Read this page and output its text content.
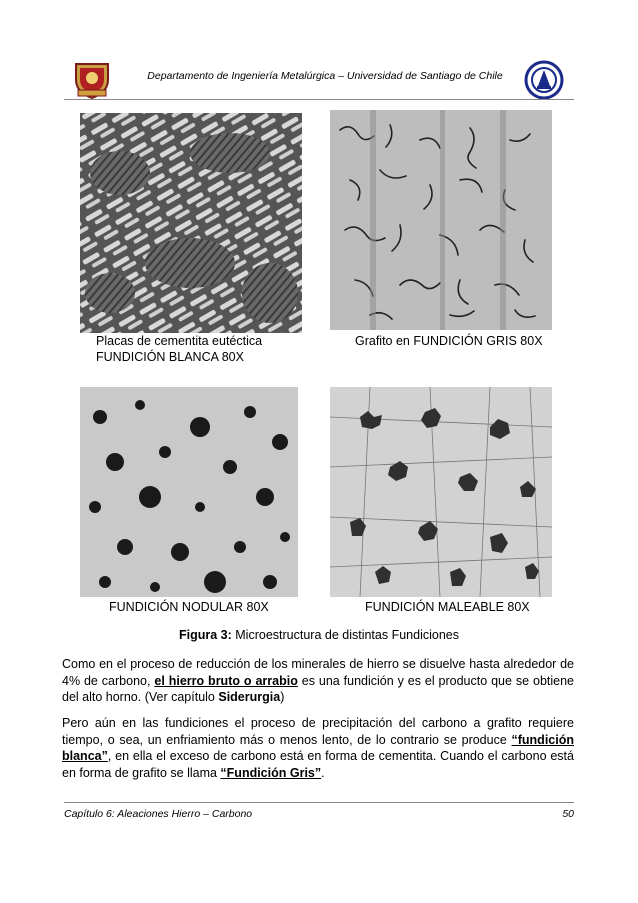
Departamento de Ingeniería Metalúrgica – Universidad de Santiago de Chile
Placas de cementita eutéctica
FUNDICIÓN BLANCA 80X
Grafito en FUNDICIÓN GRIS 80X
FUNDICIÓN NODULAR 80X	FUNDICIÓN MALEABLE 80X
Figura 3: Microestructura de distintas Fundiciones
Como en el proceso de reducción de los minerales de hierro se disuelve hasta alrededor de 4% de carbono, el hierro bruto o arrabio es una fundición y es el producto que se obtiene del alto horno. (Ver capítulo Siderurgia)
Pero aún en las fundiciones el proceso de precipitación del carbono a grafito requiere tiempo, o sea, un enfriamiento más o menos lento, de lo contrario se produce “fundición blanca”, en ella el exceso de carbono está en forma de cementita. Cuando el carbono está en forma de grafito se llama “Fundición Gris”.
Capítulo 6: Aleaciones Hierro – Carbono	50
